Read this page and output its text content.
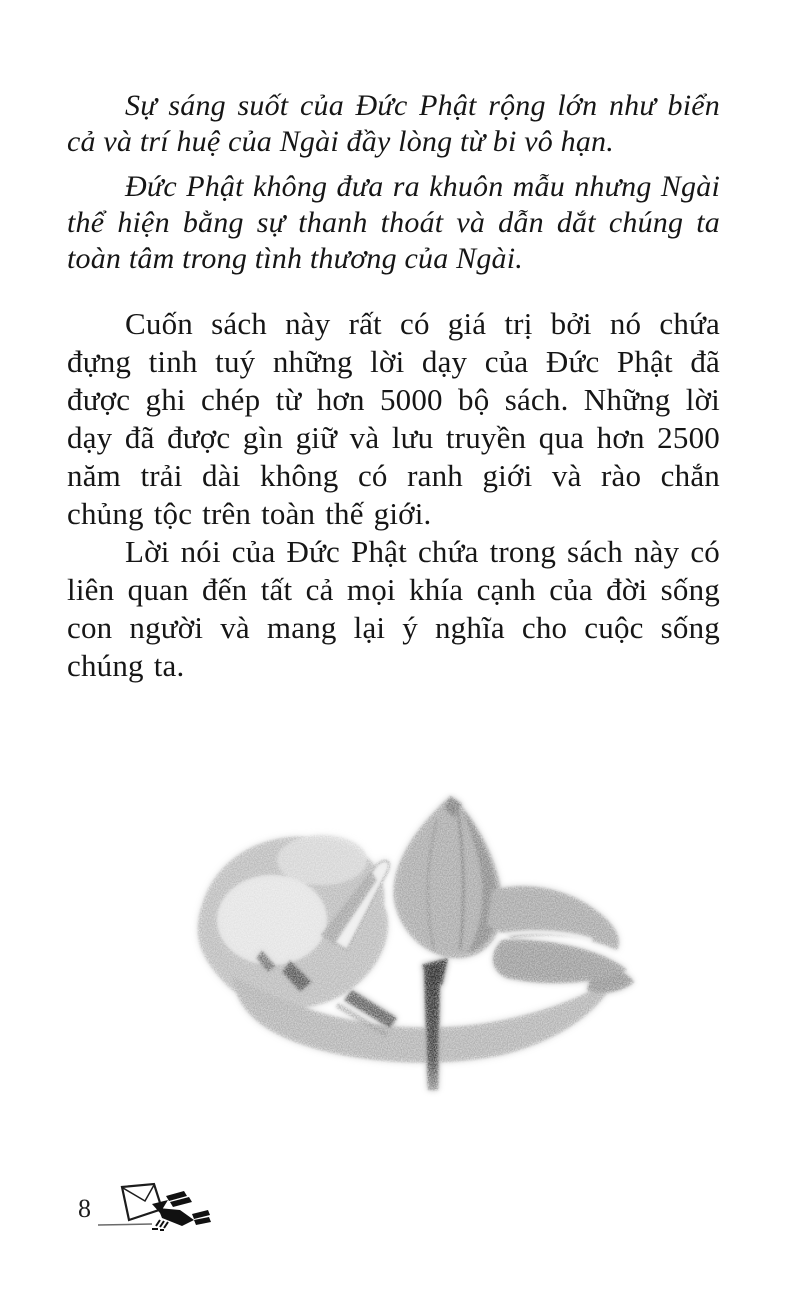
Sự sáng suốt của Đức Phật rộng lớn như biển cả và trí huệ của Ngài đầy lòng từ bi vô hạn.

Đức Phật không đưa ra khuôn mẫu nhưng Ngài thể hiện bằng sự thanh thoát và dẫn dắt chúng ta toàn tâm trong tình thương của Ngài.

Cuốn sách này rất có giá trị bởi nó chứa đựng tinh tuý những lời dạy của Đức Phật đã được ghi chép từ hơn 5000 bộ sách. Những lời dạy đã được gìn giữ và lưu truyền qua hơn 2500 năm trải dài không có ranh giới và rào chắn chủng tộc trên toàn thế giới.

Lời nói của Đức Phật chứa trong sách này có liên quan đến tất cả mọi khía cạnh của đời sống con người và mang lại ý nghĩa cho cuộc sống chúng ta.

8
